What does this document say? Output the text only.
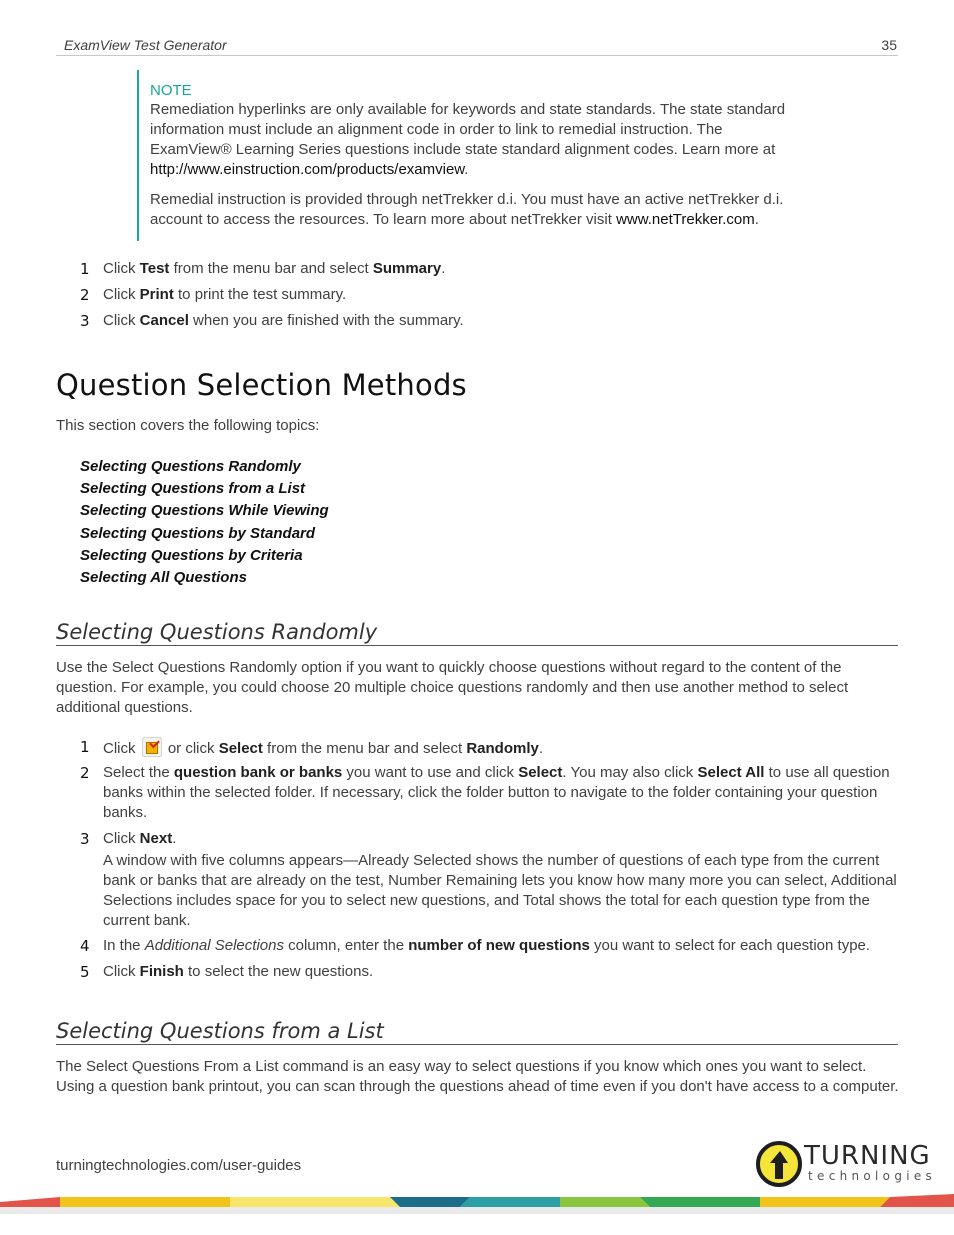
ExamView Test Generator	35
NOTE
Remediation hyperlinks are only available for keywords and state standards. The state standard information must include an alignment code in order to link to remedial instruction. The ExamView® Learning Series questions include state standard alignment codes. Learn more at http://www.einstruction.com/products/examview.
Remedial instruction is provided through netTrekker d.i. You must have an active netTrekker d.i. account to access the resources. To learn more about netTrekker visit www.netTrekker.com.
1 Click Test from the menu bar and select Summary.
2 Click Print to print the test summary.
3 Click Cancel when you are finished with the summary.
Question Selection Methods
This section covers the following topics:
Selecting Questions Randomly
Selecting Questions from a List
Selecting Questions While Viewing
Selecting Questions by Standard
Selecting Questions by Criteria
Selecting All Questions
Selecting Questions Randomly
Use the Select Questions Randomly option if you want to quickly choose questions without regard to the content of the question. For example, you could choose 20 multiple choice questions randomly and then use another method to select additional questions.
1 Click  or click Select from the menu bar and select Randomly.
2 Select the question bank or banks you want to use and click Select. You may also click Select All to use all question banks within the selected folder. If necessary, click the folder button to navigate to the folder containing your question banks.
3 Click Next.

A window with five columns appears—Already Selected shows the number of questions of each type from the current bank or banks that are already on the test, Number Remaining lets you know how many more you can select, Additional Selections includes space for you to select new questions, and Total shows the total for each question type from the current bank.
4 In the Additional Selections column, enter the number of new questions you want to select for each question type.
5 Click Finish to select the new questions.
Selecting Questions from a List
The Select Questions From a List command is an easy way to select questions if you know which ones you want to select. Using a question bank printout, you can scan through the questions ahead of time even if you don't have access to a computer.
turningtechnologies.com/user-guides	TURNING
technologies
